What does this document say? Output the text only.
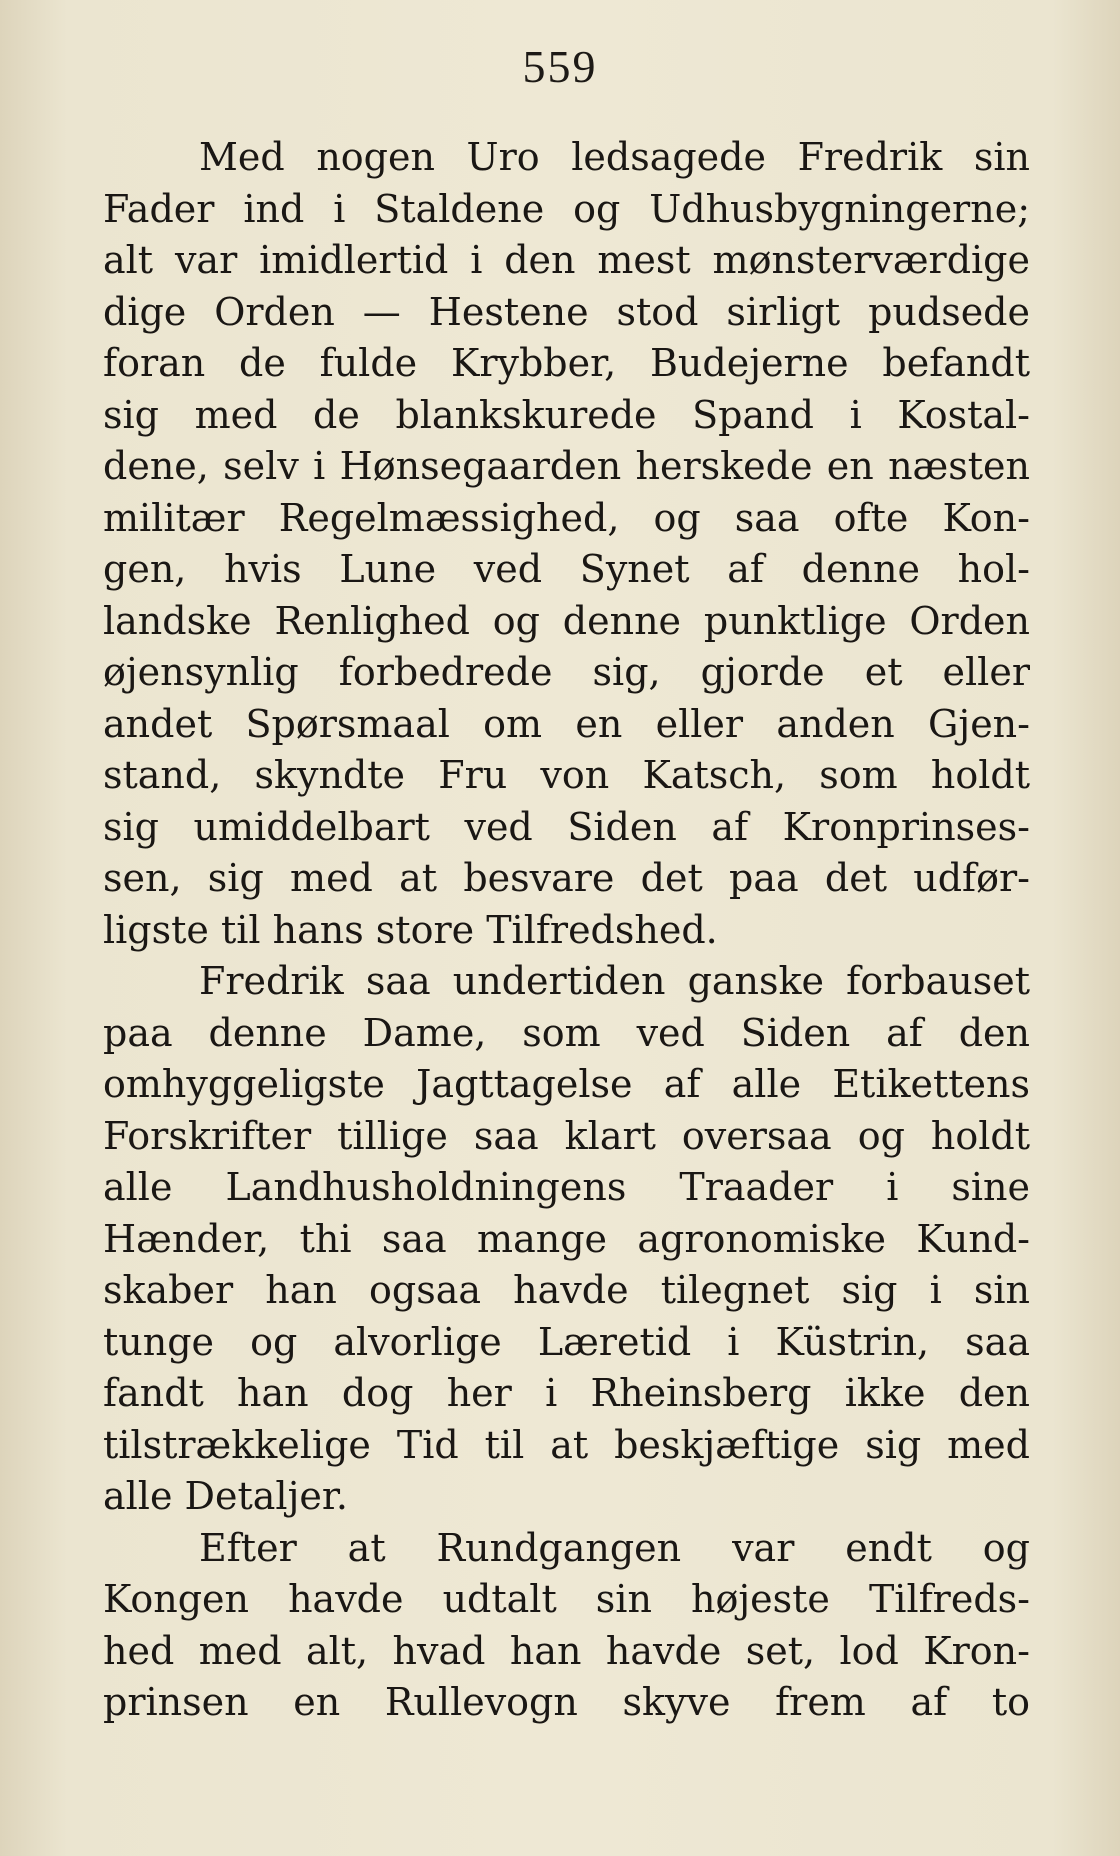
559
Med nogen Uro ledsagede Fredrik sin
Fader ind i Staldene og Udhusbygningerne;
alt var imidlertid i den mest mønsterværdige
dige Orden — Hestene stod sirligt pudsede
foran de fulde Krybber, Budejerne befandt
sig med de blankskurede Spand i Kostal-
dene, selv i Hønsegaarden herskede en næsten
militær Regelmæssighed, og saa ofte Kon-
gen, hvis Lune ved Synet af denne hol-
landske Renlighed og denne punktlige Orden
øjensynlig forbedrede sig, gjorde et eller
andet Spørsmaal om en eller anden Gjen-
stand, skyndte Fru von Katsch, som holdt
sig umiddelbart ved Siden af Kronprinses-
sen, sig med at besvare det paa det udfør-
ligste til hans store Tilfredshed.
Fredrik saa undertiden ganske forbauset
paa denne Dame, som ved Siden af den
omhyggeligste Jagttagelse af alle Etikettens
Forskrifter tillige saa klart oversaa og holdt
alle Landhusholdningens Traader i sine
Hænder, thi saa mange agronomiske Kund-
skaber han ogsaa havde tilegnet sig i sin
tunge og alvorlige Læretid i Küstrin, saa
fandt han dog her i Rheinsberg ikke den
tilstrækkelige Tid til at beskjæftige sig med
alle Detaljer.
Efter at Rundgangen var endt og
Kongen havde udtalt sin højeste Tilfreds-
hed med alt, hvad han havde set, lod Kron-
prinsen en Rullevogn skyve frem af to
